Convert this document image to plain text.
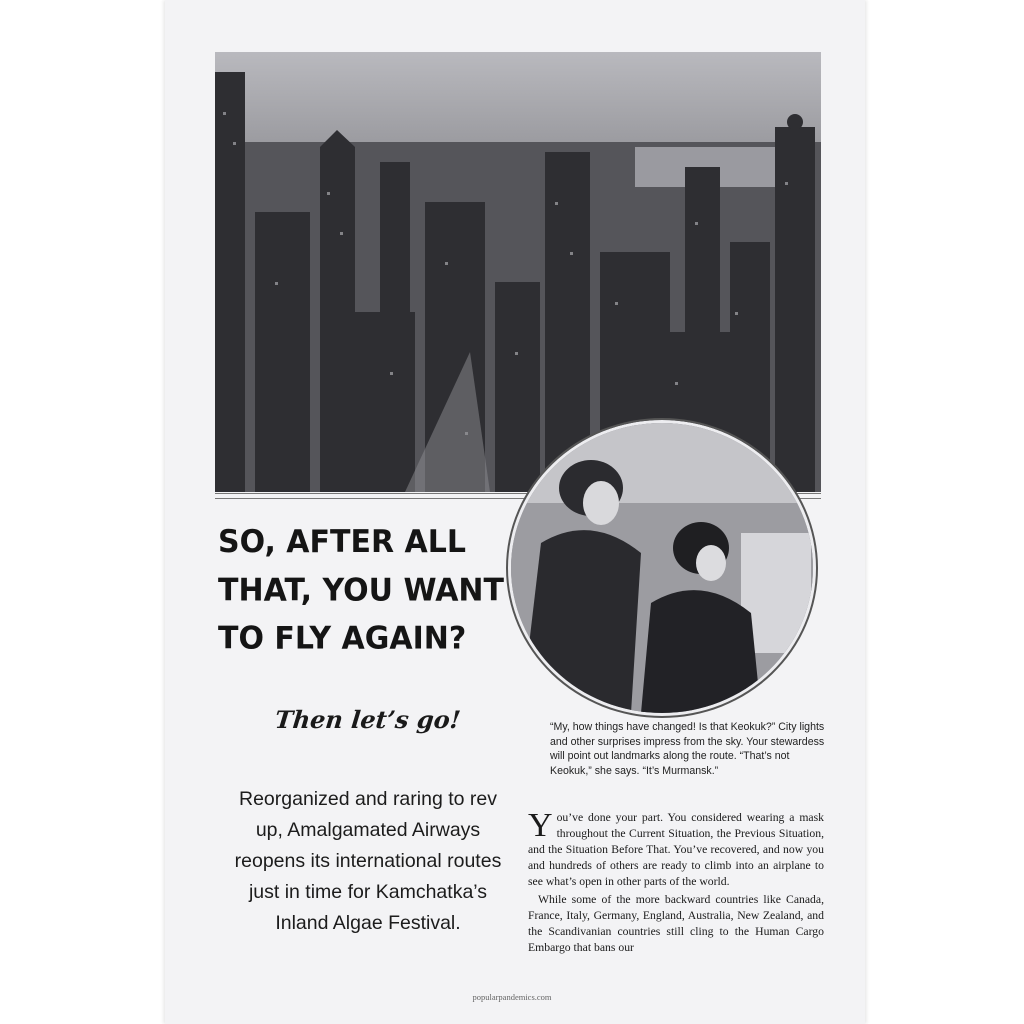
SO, AFTER ALL
THAT, YOU WANT
TO FLY AGAIN?
Then let’s go!
Reorganized and raring to rev up, Amalgamated Airways reopens its international routes just in time for Kamchatka’s Inland Algae Festival.
“My, how things have changed! Is that Keokuk?” City lights and other surprises impress from the sky. Your stewardess will point out landmarks along the route. “That’s not Keokuk,” she says. “It’s Murmansk.”

You’ve done your part. You considered wearing a mask throughout the Current Situation, the Previous Situation, and the Situation Before That. You’ve recovered, and now you and hundreds of others are ready to climb into an airplane to see what’s open in other parts of the world.

While some of the more backward countries like Canada, France, Italy, Germany, England, Australia, New Zealand, and the Scandivanian countries still cling to the Human Cargo Embargo that bans our

popularpandemics.com
